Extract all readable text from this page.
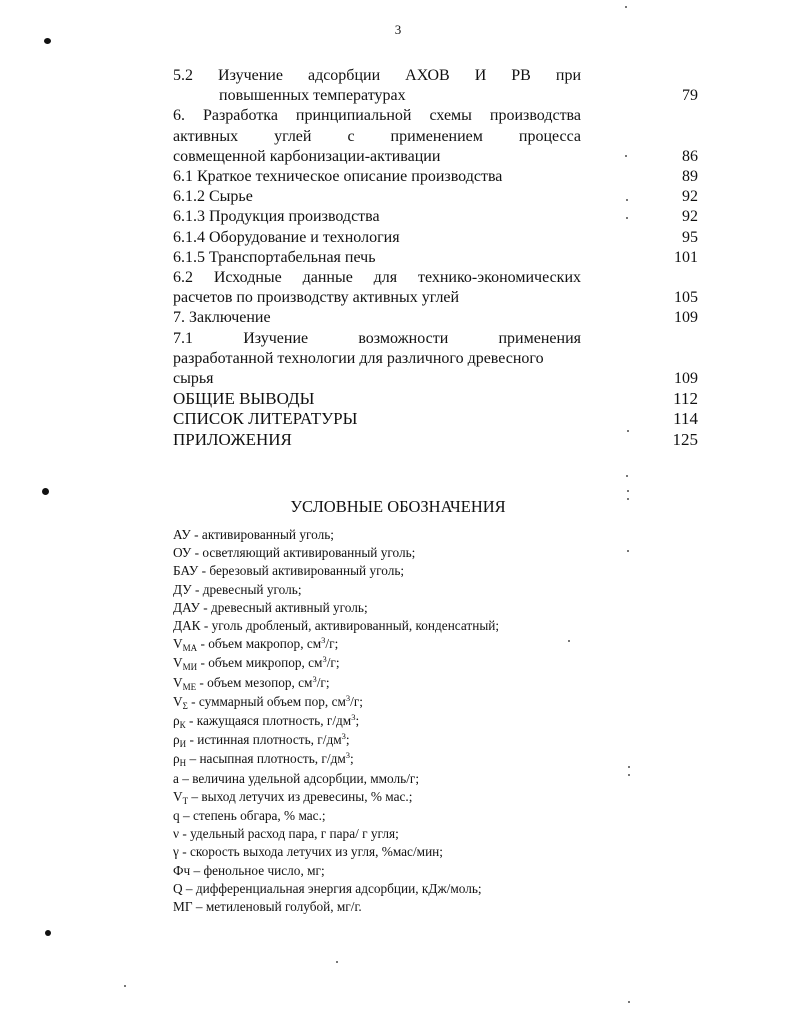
3
5.2 Изучение адсорбции АХОВ И РВ при
повышенных температурах	79
6. Разработка принципиальной схемы производства
активных углей с применением процесса
совмещенной карбонизации-активации	86
6.1 Краткое техническое описание производства	89
6.1.2 Сырье	92
6.1.3 Продукция производства	92
6.1.4 Оборудование и технология	95
6.1.5 Транспортабельная печь	101
6.2 Исходные данные для технико-экономических
расчетов по производству активных углей	105
7. Заключение	109
7.1 Изучение возможности применения
разработанной технологии для различного древесного
сырья	109
ОБЩИЕ ВЫВОДЫ	112
СПИСОК ЛИТЕРАТУРЫ	114
ПРИЛОЖЕНИЯ	125
УСЛОВНЫЕ ОБОЗНАЧЕНИЯ
АУ - активированный уголь;
ОУ - осветляющий активированный уголь;
БАУ - березовый активированный уголь;
ДУ - древесный уголь;
ДАУ - древесный активный уголь;
ДАК - уголь дробленый, активированный, конденсатный;
$V_{МА}$ - объем макропор, $см^3/г$;
$V_{МИ}$ - объем микропор, $см^3/г$;
$V_{МЕ}$ - объем мезопор, $см^3/г$;
$V_\Sigma$ - суммарный объем пор, $см^3/г$;
$\rho_К$ - кажущаяся плотность, $г/дм^3$;
$\rho_И$ - истинная плотность, $г/дм^3$;
$\rho_Н$ – насыпная плотность, $г/дм^3$;
а – величина удельной адсорбции, ммоль/г;
$V_Т$ – выход летучих из древесины, % мас.;
q – степень обгара, % мас.;
ν - удельный расход пара, г пара/ г угля;
γ - скорость выхода летучих из угля, %мас/мин;
Фч – фенольное число, мг;
Q – дифференциальная энергия адсорбции, кДж/моль;
МГ – метиленовый голубой, мг/г.
